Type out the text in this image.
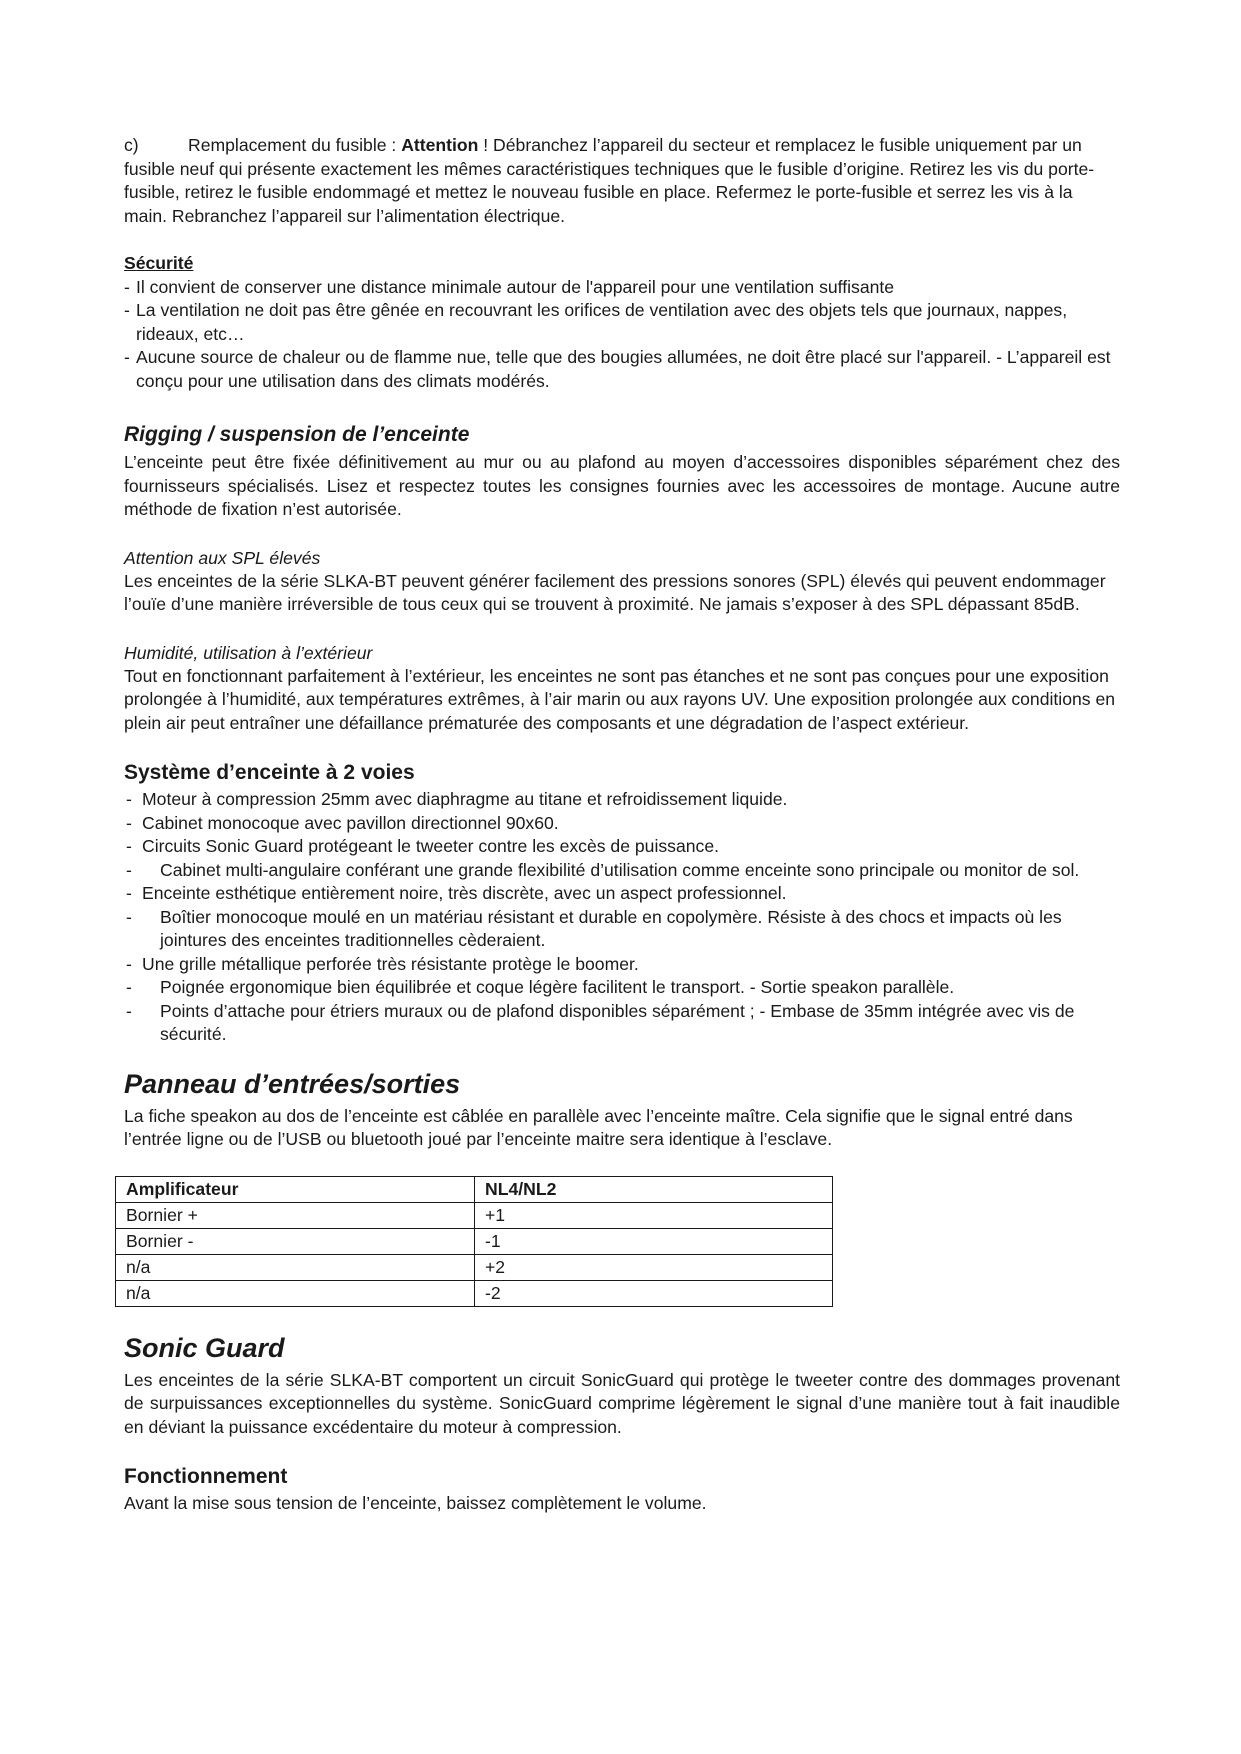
c)	Remplacement du fusible : Attention ! Débranchez l’appareil du secteur et remplacez le fusible uniquement par un fusible neuf qui présente exactement les mêmes caractéristiques techniques que le fusible d’origine. Retirez les vis du porte-fusible, retirez le fusible endommagé et mettez le nouveau fusible en place. Refermez le porte-fusible et serrez les vis à la main. Rebranchez l’appareil sur l’alimentation électrique.

Sécurité

- Il convient de conserver une distance minimale autour de l'appareil pour une ventilation suffisante
- La ventilation ne doit pas être gênée en recouvrant les orifices de ventilation avec des objets tels que journaux, nappes, rideaux, etc…
- Aucune source de chaleur ou de flamme nue, telle que des bougies allumées, ne doit être placé sur l'appareil. - L’appareil est conçu pour une utilisation dans des climats modérés.

Rigging / suspension de l’enceinte

L’enceinte peut être fixée définitivement au mur ou au plafond au moyen d’accessoires disponibles séparément chez des fournisseurs spécialisés. Lisez et respectez toutes les consignes fournies avec les accessoires de montage. Aucune autre méthode de fixation n’est autorisée.

Attention aux SPL élevés

Les enceintes de la série SLKA-BT peuvent générer facilement des pressions sonores (SPL) élevés qui peuvent endommager l’ouïe d’une manière irréversible de tous ceux qui se trouvent à proximité. Ne jamais s’exposer à des SPL dépassant 85dB.

Humidité, utilisation à l’extérieur

Tout en fonctionnant parfaitement à l’extérieur, les enceintes ne sont pas étanches et ne sont pas conçues pour une exposition prolongée à l’humidité, aux températures extrêmes, à l’air marin ou aux rayons UV. Une exposition prolongée aux conditions en plein air peut entraîner une défaillance prématurée des composants et une dégradation de l’aspect extérieur.

Système d’enceinte à 2 voies

- Moteur à compression 25mm avec diaphragme au titane et refroidissement liquide.
- Cabinet monocoque avec pavillon directionnel 90x60.
- Circuits Sonic Guard protégeant le tweeter contre les excès de puissance.
- Cabinet multi-angulaire conférant une grande flexibilité d’utilisation comme enceinte sono principale ou monitor de sol.
- Enceinte esthétique entièrement noire, très discrète, avec un aspect professionnel.
- Boîtier monocoque moulé en un matériau résistant et durable en copolymère. Résiste à des chocs et impacts où les jointures des enceintes traditionnelles cèderaient.
- Une grille métallique perforée très résistante protège le boomer.
- Poignée ergonomique bien équilibrée et coque légère facilitent le transport. - Sortie speakon parallèle.
- Points d’attache pour étriers muraux ou de plafond disponibles séparément ; - Embase de 35mm intégrée avec vis de sécurité.

Panneau d’entrées/sorties

La fiche speakon au dos de l’enceinte est câblée en parallèle avec l’enceinte maître. Cela signifie que le signal entré dans l’entrée ligne ou de l’USB ou bluetooth joué par l’enceinte maitre sera identique à l’esclave.

Amplificateur	NL4/NL2
Bornier +	+1
Bornier -	-1
n/a	+2
n/a	-2

Sonic Guard

Les enceintes de la série SLKA-BT comportent un circuit SonicGuard qui protège le tweeter contre des dommages provenant de surpuissances exceptionnelles du système. SonicGuard comprime légèrement le signal d’une manière tout à fait inaudible en déviant la puissance excédentaire du moteur à compression.

Fonctionnement

Avant la mise sous tension de l’enceinte, baissez complètement le volume.
